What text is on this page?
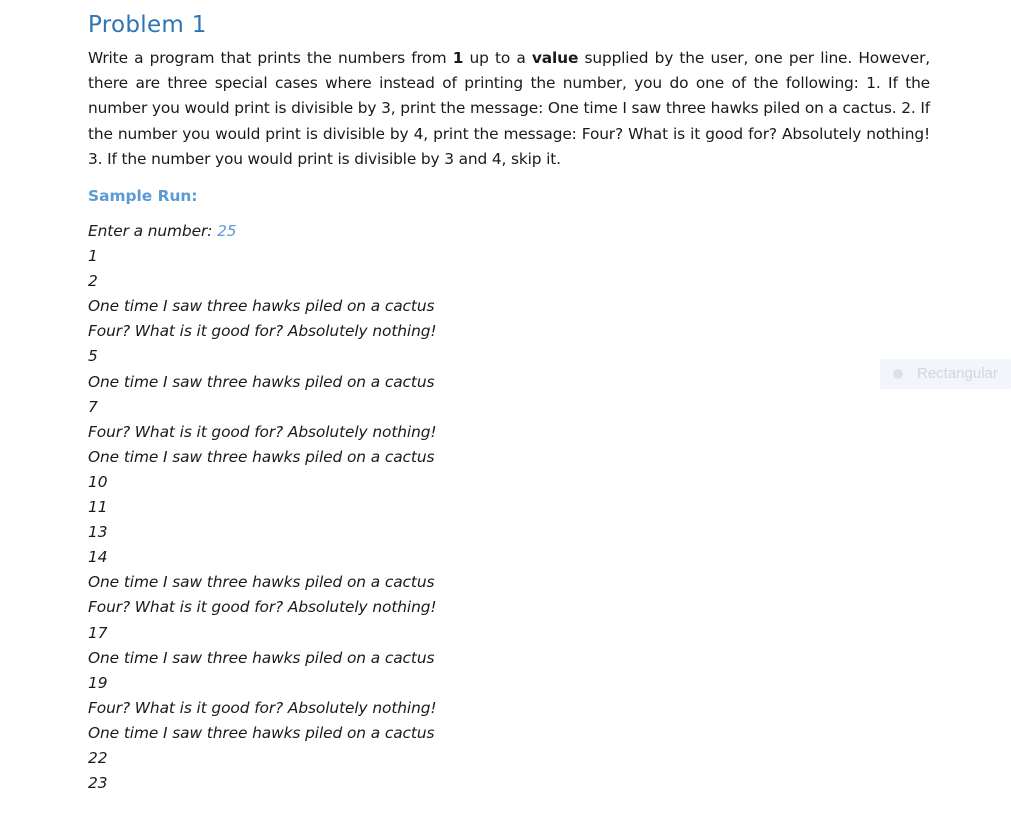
Problem 1

Write a program that prints the numbers from 1 up to a value supplied by the user, one per line. However, there are three special cases where instead of printing the number, you do one of the following: 1. If the number you would print is divisible by 3, print the message: One time I saw three hawks piled on a cactus. 2. If the number you would print is divisible by 4, print the message: Four? What is it good for? Absolutely nothing! 3. If the number you would print is divisible by 3 and 4, skip it.

Sample Run:
Enter a number: 25
1
2
One time I saw three hawks piled on a cactus
Four? What is it good for? Absolutely nothing!
5
One time I saw three hawks piled on a cactus
7
Four? What is it good for? Absolutely nothing!
One time I saw three hawks piled on a cactus
10
11
13
14
One time I saw three hawks piled on a cactus
Four? What is it good for? Absolutely nothing!
17
One time I saw three hawks piled on a cactus
19
Four? What is it good for? Absolutely nothing!
One time I saw three hawks piled on a cactus
22
23
Rectangular
